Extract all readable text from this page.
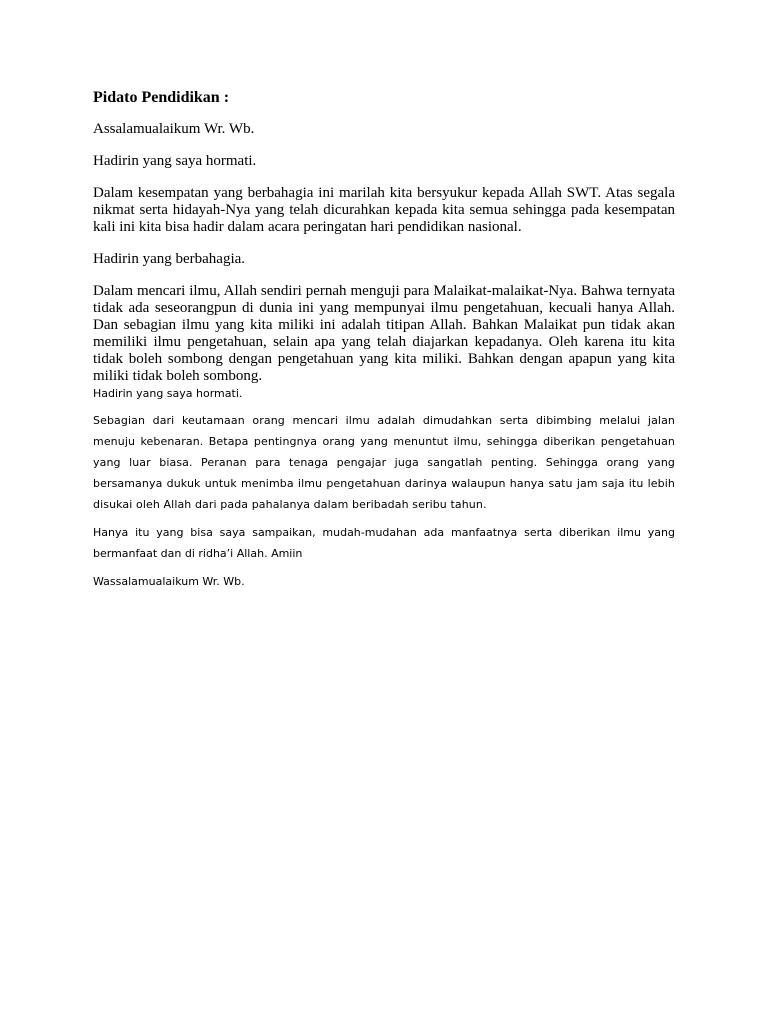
Pidato Pendidikan :

Assalamualaikum Wr. Wb.

Hadirin yang saya hormati.

Dalam kesempatan yang berbahagia ini marilah kita bersyukur kepada Allah SWT. Atas segala nikmat serta hidayah-Nya yang telah dicurahkan kepada kita semua sehingga pada kesempatan kali ini kita bisa hadir dalam acara peringatan hari pendidikan nasional.

Hadirin yang berbahagia.

Dalam mencari ilmu, Allah sendiri pernah menguji para Malaikat-malaikat-Nya. Bahwa ternyata tidak ada seseorangpun di dunia ini yang mempunyai ilmu pengetahuan, kecuali hanya Allah. Dan sebagian ilmu yang kita miliki ini adalah titipan Allah. Bahkan Malaikat pun tidak akan memiliki ilmu pengetahuan, selain apa yang telah diajarkan kepadanya. Oleh karena itu kita tidak boleh sombong dengan pengetahuan yang kita miliki. Bahkan dengan apapun yang kita miliki tidak boleh sombong.

Hadirin yang saya hormati.

Sebagian dari keutamaan orang mencari ilmu adalah dimudahkan serta dibimbing melalui jalan menuju kebenaran. Betapa pentingnya orang yang menuntut ilmu, sehingga diberikan pengetahuan yang luar biasa. Peranan para tenaga pengajar juga sangatlah penting. Sehingga orang yang bersamanya dukuk untuk menimba ilmu pengetahuan darinya walaupun hanya satu jam saja itu lebih disukai oleh Allah dari pada pahalanya dalam beribadah seribu tahun.

Hanya itu yang bisa saya sampaikan, mudah-mudahan ada manfaatnya serta diberikan ilmu yang bermanfaat dan di ridha’i Allah. Amiin

Wassalamualaikum Wr. Wb.
